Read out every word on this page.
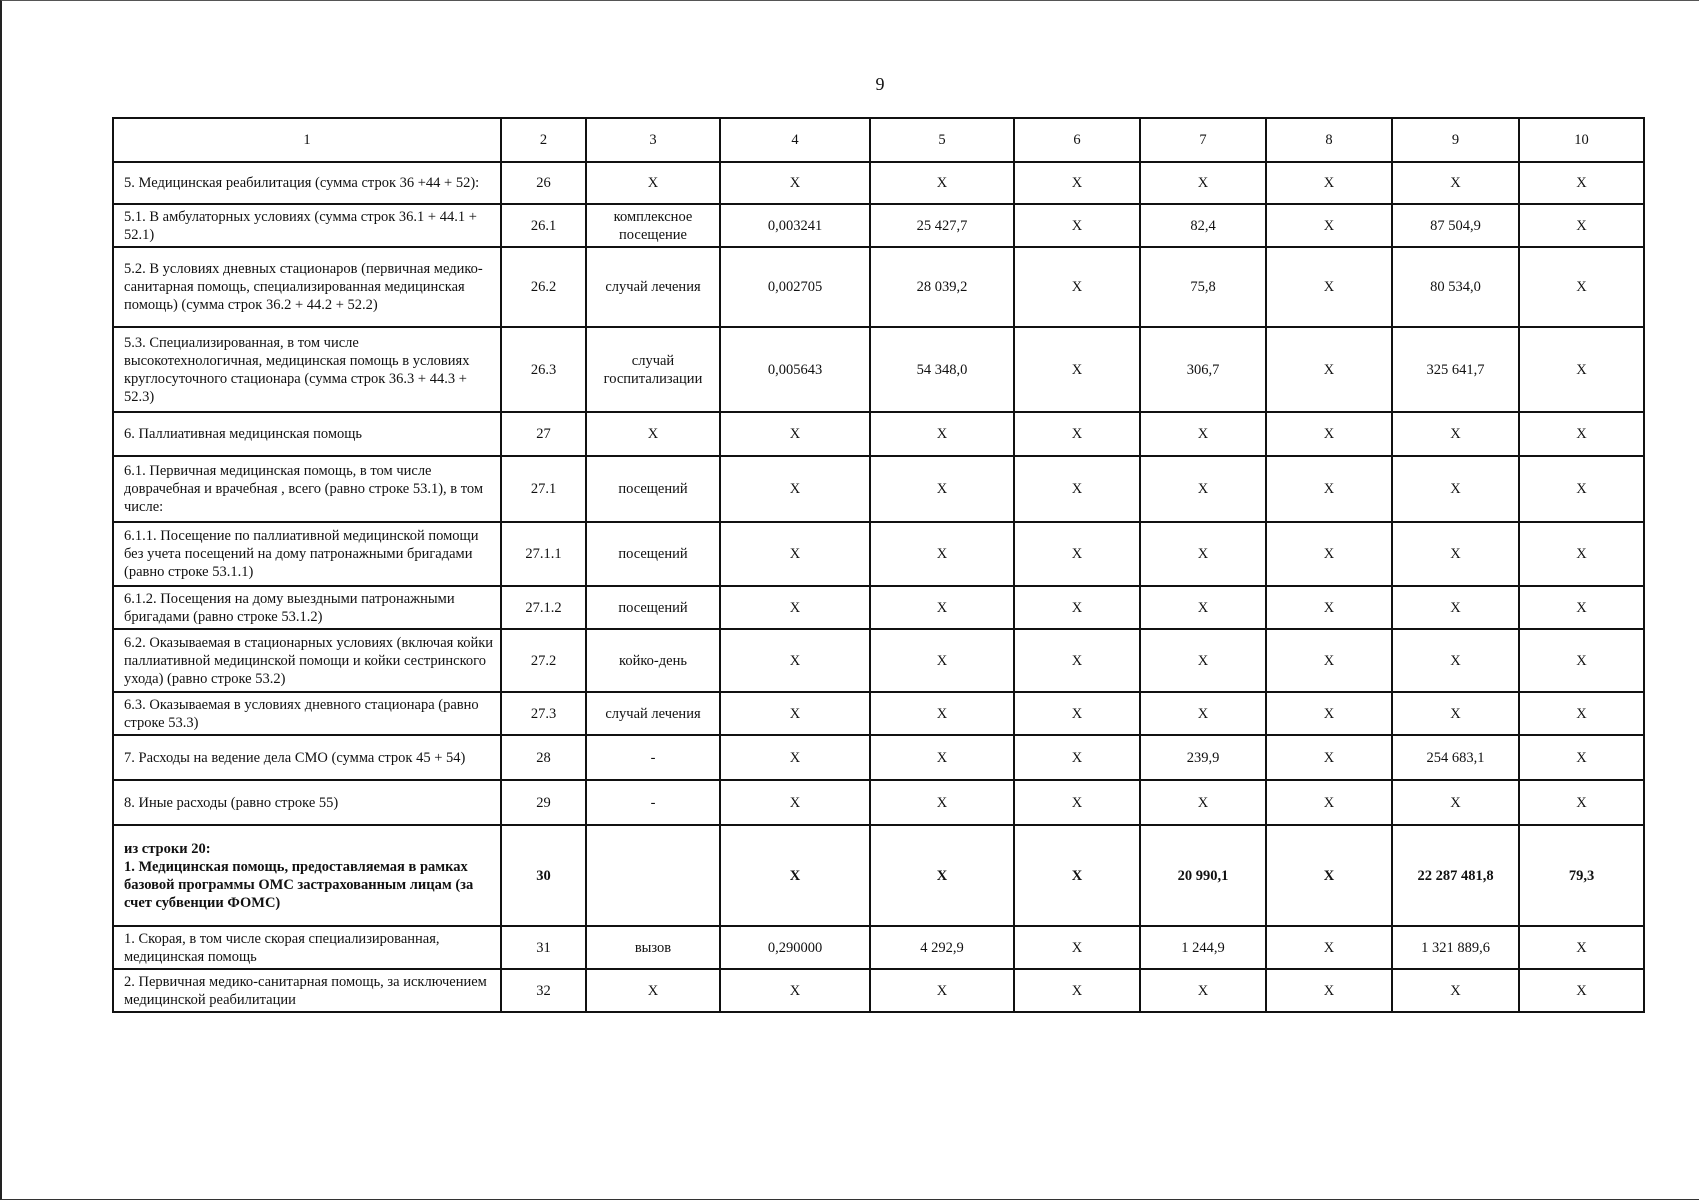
9
1	2	3	4	5	6	7	8	9	10
5. Медицинская реабилитация (сумма строк 36 +44 + 52):	26	Х	Х	Х	Х	Х	Х	Х	Х
5.1. В амбулаторных условиях (сумма строк 36.1 + 44.1 + 52.1)	26.1	комплексное посещение	0,003241	25 427,7	Х	82,4	Х	87 504,9	Х
5.2. В условиях дневных стационаров (первичная медико-санитарная помощь, специализированная медицинская помощь) (сумма строк 36.2 + 44.2 + 52.2)	26.2	случай лечения	0,002705	28 039,2	Х	75,8	Х	80 534,0	Х
5.3. Специализированная, в том числе высокотехнологичная, медицинская помощь в условиях круглосуточного стационара (сумма строк 36.3 + 44.3 + 52.3)	26.3	случай госпитализации	0,005643	54 348,0	Х	306,7	Х	325 641,7	Х
6. Паллиативная медицинская помощь	27	Х	Х	Х	Х	Х	Х	Х	Х
6.1. Первичная медицинская помощь, в том числе доврачебная и врачебная , всего (равно строке 53.1), в том числе:	27.1	посещений	Х	Х	Х	Х	Х	Х	Х
6.1.1. Посещение по паллиативной медицинской помощи без учета посещений на дому патронажными бригадами (равно строке 53.1.1)	27.1.1	посещений	Х	Х	Х	Х	Х	Х	Х
6.1.2. Посещения на дому выездными патронажными бригадами (равно строке 53.1.2)	27.1.2	посещений	Х	Х	Х	Х	Х	Х	Х
6.2. Оказываемая в стационарных условиях (включая койки паллиативной медицинской помощи и койки сестринского ухода) (равно строке 53.2)	27.2	койко-день	Х	Х	Х	Х	Х	Х	Х
6.3. Оказываемая в условиях дневного стационара (равно строке 53.3)	27.3	случай лечения	Х	Х	Х	Х	Х	Х	Х
7. Расходы на ведение дела СМО (сумма строк 45 + 54)	28	-	Х	Х	Х	239,9	Х	254 683,1	Х
8. Иные расходы (равно строке 55)	29	-	Х	Х	Х	Х	Х	Х	Х
из строки 20:
1. Медицинская помощь, предоставляемая в рамках базовой программы ОМС застрахованным лицам (за счет субвенции ФОМС)	30		Х	Х	Х	20 990,1	Х	22 287 481,8	79,3
1. Скорая, в том числе скорая специализированная, медицинская помощь	31	вызов	0,290000	4 292,9	Х	1 244,9	Х	1 321 889,6	Х
2. Первичная медико-санитарная помощь, за исключением медицинской реабилитации	32	Х	Х	Х	Х	Х	Х	Х	Х
